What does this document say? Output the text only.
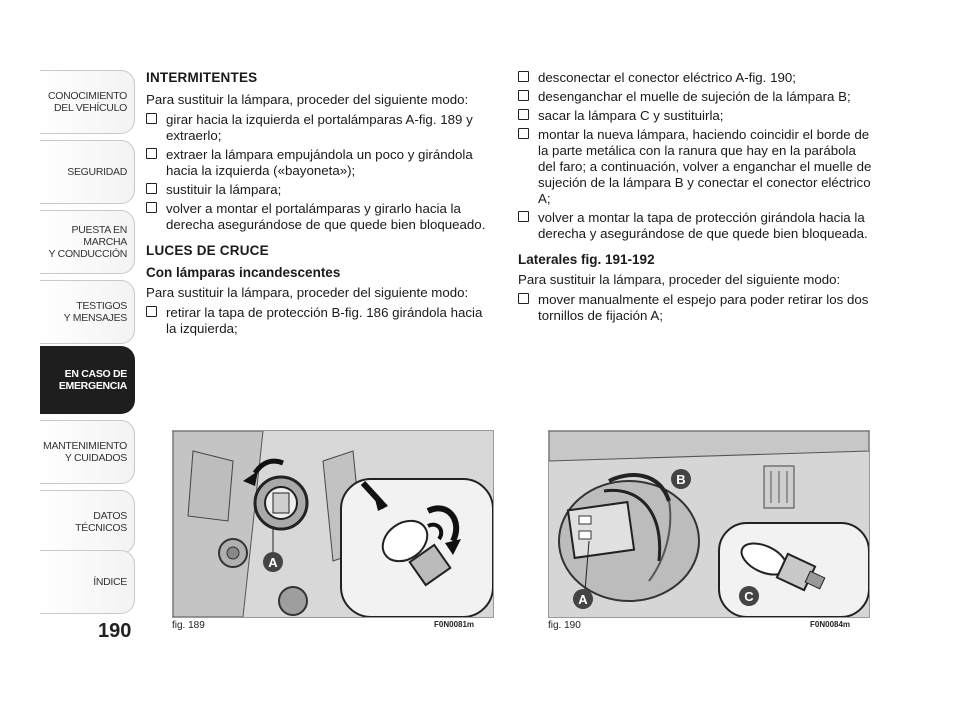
CONOCIMIENTO
DEL VEHÍCULO
SEGURIDAD
PUESTA EN
MARCHA
Y CONDUCCIÓN
TESTIGOS
Y MENSAJES
EN CASO DE
EMERGENCIA
MANTENIMIENTO
Y CUIDADOS
DATOS
TÉCNICOS
ÍNDICE
190
INTERMITENTES

Para sustituir la lámpara, proceder del siguiente modo:

girar hacia la izquierda el portalámparas A-fig. 189 y extraerlo;
extraer la lámpara empujándola un poco y girándola hacia la izquierda («bayoneta»);
sustituir la lámpara;
volver a montar el portalámparas y girarlo hacia la derecha asegurándose de que quede bien bloqueado.
LUCES DE CRUCE
Con lámparas incandescentes

Para sustituir la lámpara, proceder del siguiente modo:

retirar la tapa de protección B-fig. 186 girándola hacia la izquierda;
desconectar el conector eléctrico A-fig. 190;
desenganchar el muelle de sujeción de la lámpara B;
sacar la lámpara C y sustituirla;
montar la nueva lámpara, haciendo coincidir el borde de la parte metálica con la ranura que hay en la parábola del faro; a continuación, volver a enganchar el muelle de sujeción de la lámpara B y conectar el conector eléctrico A;
volver a montar la tapa de protección girándola hacia la derecha y asegurándose de que quede bien bloqueada.
Laterales fig. 191-192

Para sustituir la lámpara, proceder del siguiente modo:

mover manualmente el espejo para poder retirar los dos tornillos de fijación A;
A
fig. 189	F0N0081m
B
A	C
fig. 190	F0N0084m
